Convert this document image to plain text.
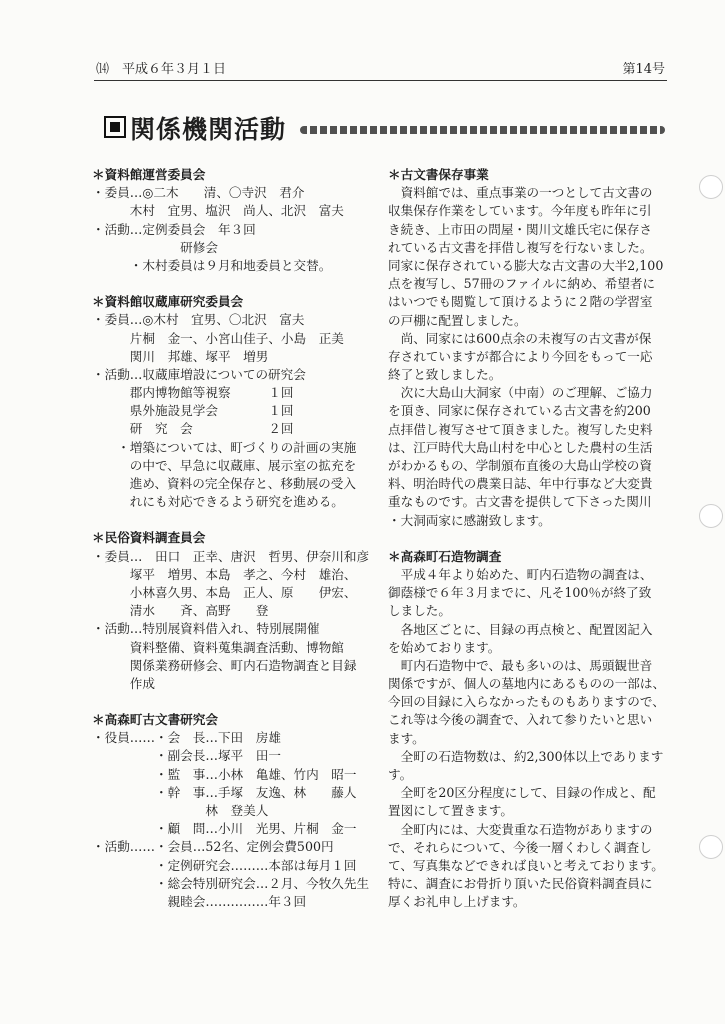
⒁　平成６年３月１日	第14号
関係機関活動
＊資料館運営委員会
・委員…◎二木　　清、〇寺沢　君介
　　　木村　宜男、塩沢　尚人、北沢　富夫
・活動…定例委員会　年３回
　　　　　　　研修会
　　　・木村委員は９月和地委員と交替。
＊資料館収蔵庫研究委員会
・委員…◎木村　宜男、〇北沢　富夫
　　　片桐　金一、小宮山佳子、小島　正美
　　　関川　邦雄、塚平　増男
・活動…収蔵庫増設についての研究会
　　　郡内博物館等視察　　　１回
　　　県外施設見学会　　　　１回
　　　研　究　会　　　　　　２回
　　・増築については、町づくりの計画の実施
　　　の中で、早急に収蔵庫、展示室の拡充を
　　　進め、資料の完全保存と、移動展の受入
　　　れにも対応できるよう研究を進める。
＊民俗資料調査員会
・委員…　田口　正幸、唐沢　哲男、伊奈川和彦
　　　塚平　増男、本島　孝之、今村　雄治、
　　　小林喜久男、本島　正人、原　　伊宏、
　　　清水　　斉、高野　　登
・活動…特別展資料借入れ、特別展開催
　　　資料整備、資料蒐集調査活動、博物館
　　　関係業務研修会、町内石造物調査と目録
　　　作成
＊高森町古文書研究会
・役員……・会　長…下田　房雄
　　　　　・副会長…塚平　田一
　　　　　・監　事…小林　亀雄、竹内　昭一
　　　　　・幹　事…手塚　友逸、林　　藤人
　　　　　　　　　林　登美人
　　　　　・顧　問…小川　光男、片桐　金一
・活動……・会員…52名、定例会費500円
　　　　　・定例研究会………本部は毎月１回
　　　　　・総会特別研究会…２月、今牧久先生
　　　　　　親睦会……………年３回
＊古文書保存事業
　資料館では、重点事業の一つとして古文書の
収集保存作業をしています。今年度も昨年に引
き続き、上市田の問屋・関川文雄氏宅に保存さ
れている古文書を拝借し複写を行ないました。
同家に保存されている膨大な古文書の大半2,100
点を複写し、57冊のファイルに納め、希望者に
はいつでも閲覧して頂けるように２階の学習室
の戸棚に配置しました。
　尚、同家には600点余の未複写の古文書が保
存されていますが都合により今回をもって一応
終了と致しました。
　次に大島山大洞家（中南）のご理解、ご協力
を頂き、同家に保存されている古文書を約200
点拝借し複写させて頂きました。複写した史料
は、江戸時代大島山村を中心とした農村の生活
がわかるもの、学制頒布直後の大島山学校の資
料、明治時代の農業日誌、年中行事など大変貴
重なものです。古文書を提供して下さった関川
・大洞両家に感謝致します。
＊高森町石造物調査
　平成４年より始めた、町内石造物の調査は、
御蔭様で６年３月までに、凡そ100％が終了致
しました。
　各地区ごとに、目録の再点検と、配置図記入
を始めております。
　町内石造物中で、最も多いのは、馬頭観世音
関係ですが、個人の墓地内にあるものの一部は、
今回の目録に入らなかったものもありますので、
これ等は今後の調査で、入れて参りたいと思い
ます。
　全町の石造物数は、約2,300体以上であります
す。
　全町を20区分程度にして、目録の作成と、配
置図にして置きます。
　全町内には、大変貴重な石造物がありますの
で、それらについて、今後一層くわしく調査し
て、写真集などできれば良いと考えております。
特に、調査にお骨折り頂いた民俗資料調査員に
厚くお礼申し上げます。
